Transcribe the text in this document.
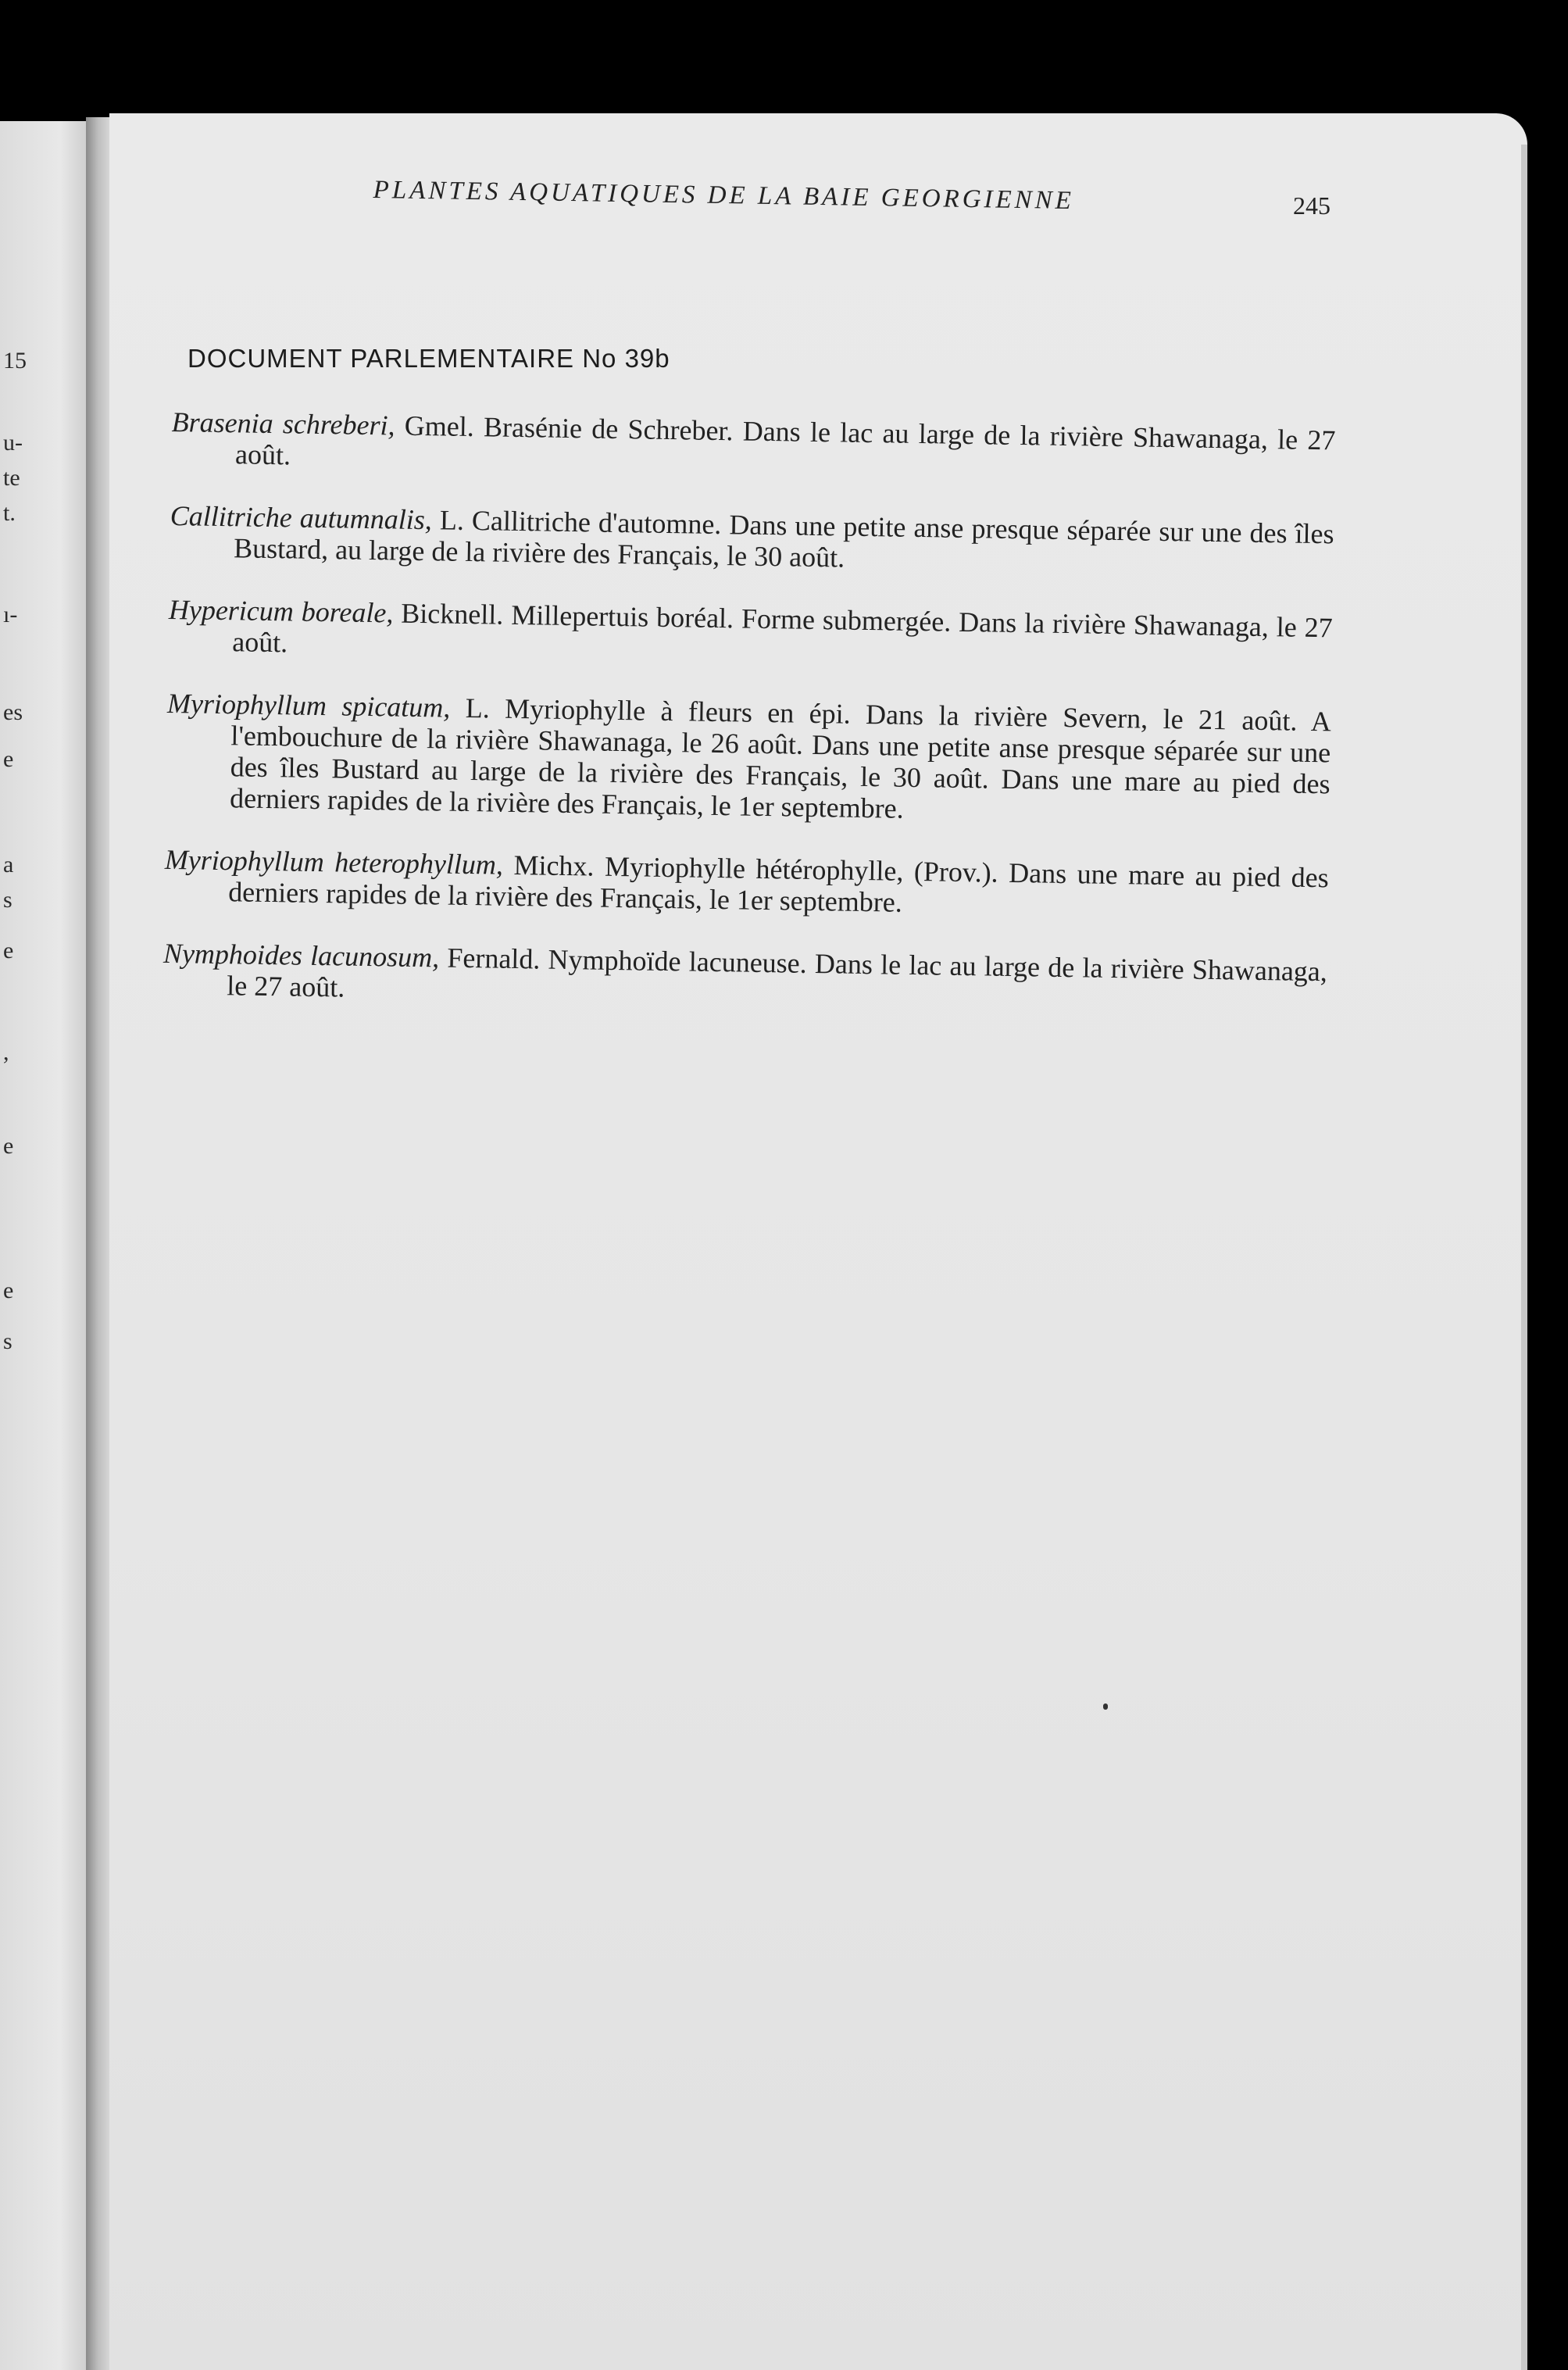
15
u-
te
t.
ı-
es
e
a
s
e
,
e
e
s
PLANTES AQUATIQUES DE LA BAIE GEORGIENNE	245
DOCUMENT PARLEMENTAIRE No 39b

Brasenia schreberi, Gmel. Brasénie de Schreber. Dans le lac au large de la rivière Shawanaga, le 27 août.

Callitriche autumnalis, L. Callitriche d'automne. Dans une petite anse presque séparée sur une des îles Bustard, au large de la rivière des Français, le 30 août.

Hypericum boreale, Bicknell. Millepertuis boréal. Forme submergée. Dans la rivière Shawanaga, le 27 août.

Myriophyllum spicatum, L. Myriophylle à fleurs en épi. Dans la rivière Severn, le 21 août. A l'embouchure de la rivière Shawanaga, le 26 août. Dans une petite anse presque séparée sur une des îles Bustard au large de la rivière des Français, le 30 août. Dans une mare au pied des derniers rapides de la rivière des Français, le 1er septembre.

Myriophyllum heterophyllum, Michx. Myriophylle hétérophylle, (Prov.). Dans une mare au pied des derniers rapides de la rivière des Français, le 1er septembre.

Nymphoides lacunosum, Fernald. Nymphoïde lacuneuse. Dans le lac au large de la rivière Shawanaga, le 27 août.
